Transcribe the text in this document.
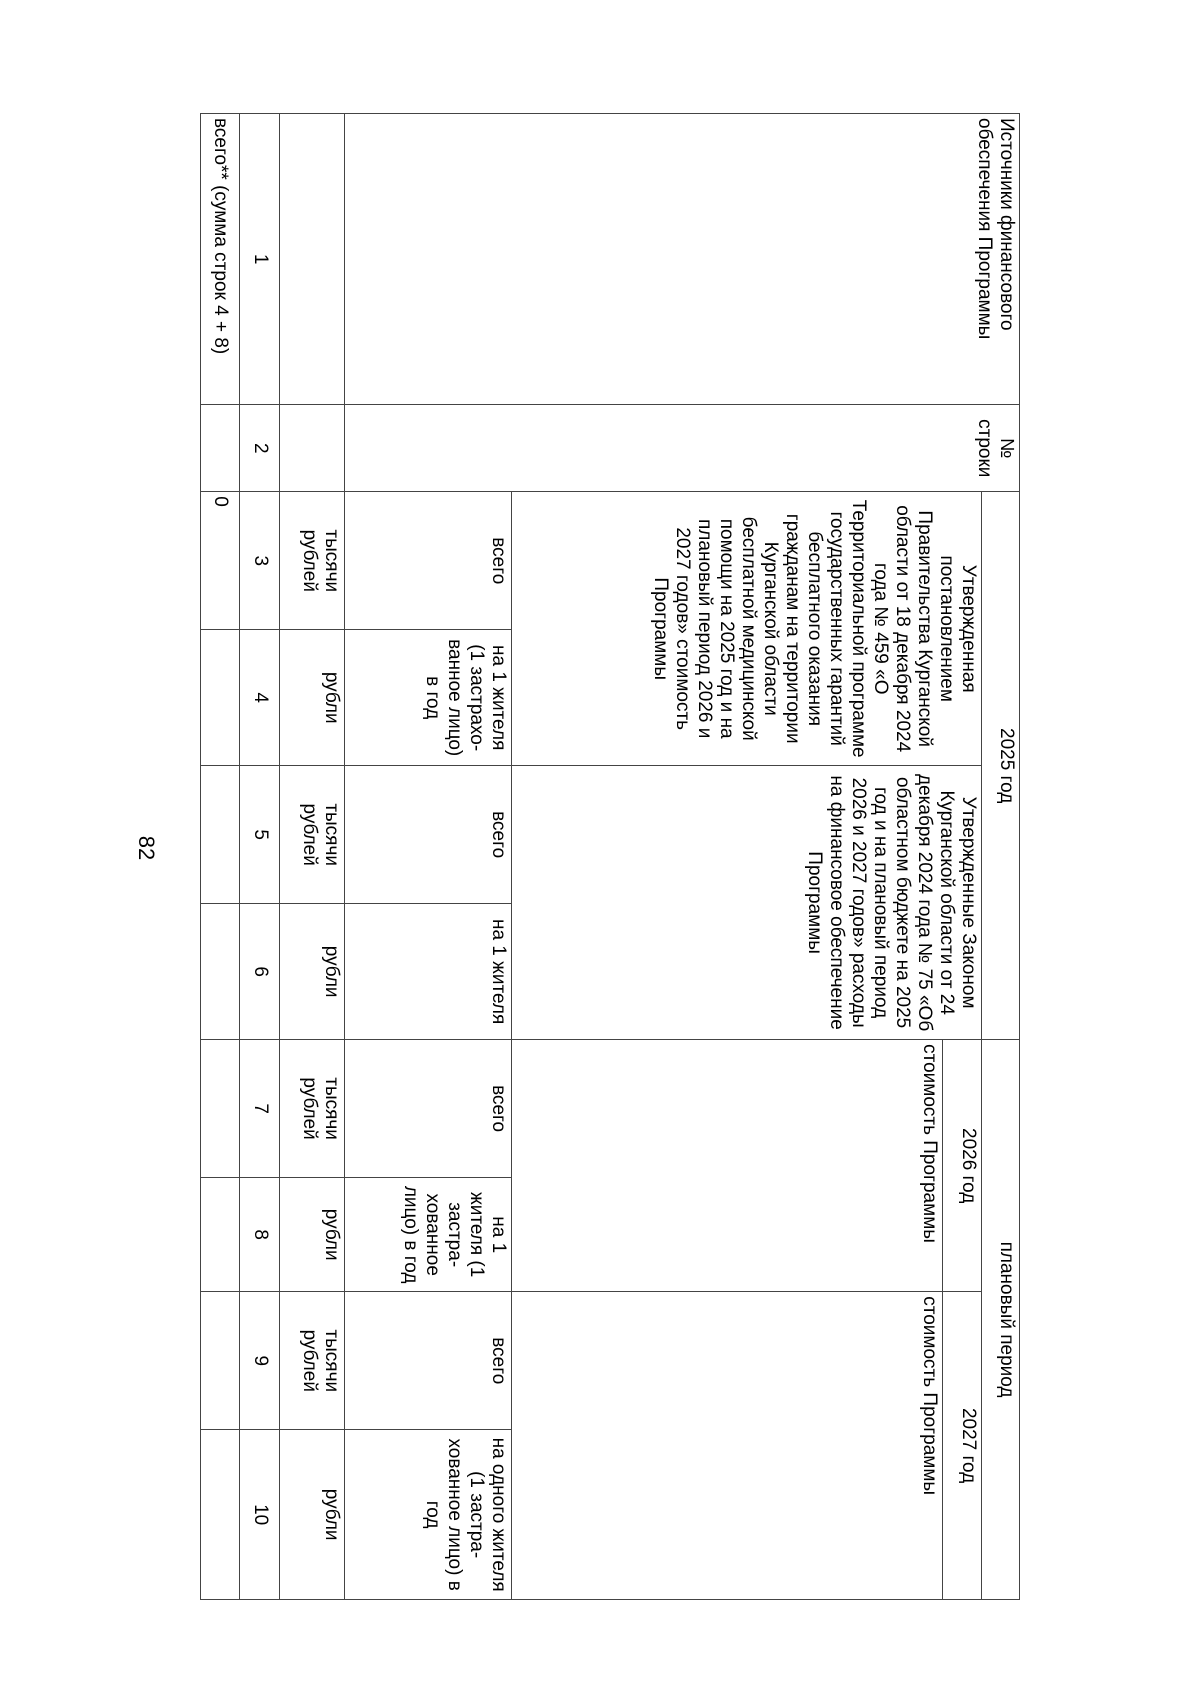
82
Источники финансового обеспечения Программы	№ строки	2025 год				плановый период			
		Утвержденная постановлением Правительства Курганской области от 18 декабря 2024 года № 459 «О Территориальной программе государственных гарантий бесплатного оказания гражданам на территории Курганской области бесплатной медицинской помощи на 2025 год и на плановый период 2026 и 2027 годов» стоимость Программы		Утвержденные Законом Курганской области от 24 декабря 2024 года № 75 «Об областном бюджете на 2025 год и на плановый период 2026 и 2027 годов» расходы на финансовое обеспечение Программы		2026 год		2027 год	
						стоимость Программы		стоимость Программы	
		всего	на 1 жителя (1 застрахо-ванное лицо) в год	всего	на 1 жителя	всего	на 1 жителя (1 застра-хованное лицо) в год	всего	на одного жителя (1 застра-хованное лицо) в год
		тысячи рублей	рубли	тысячи рублей	рубли	тысячи рублей	рубли	тысячи рублей	рубли
1	2	3	4	5	6	7	8	9	10
всего** (сумма строк 4 + 8)		0							
